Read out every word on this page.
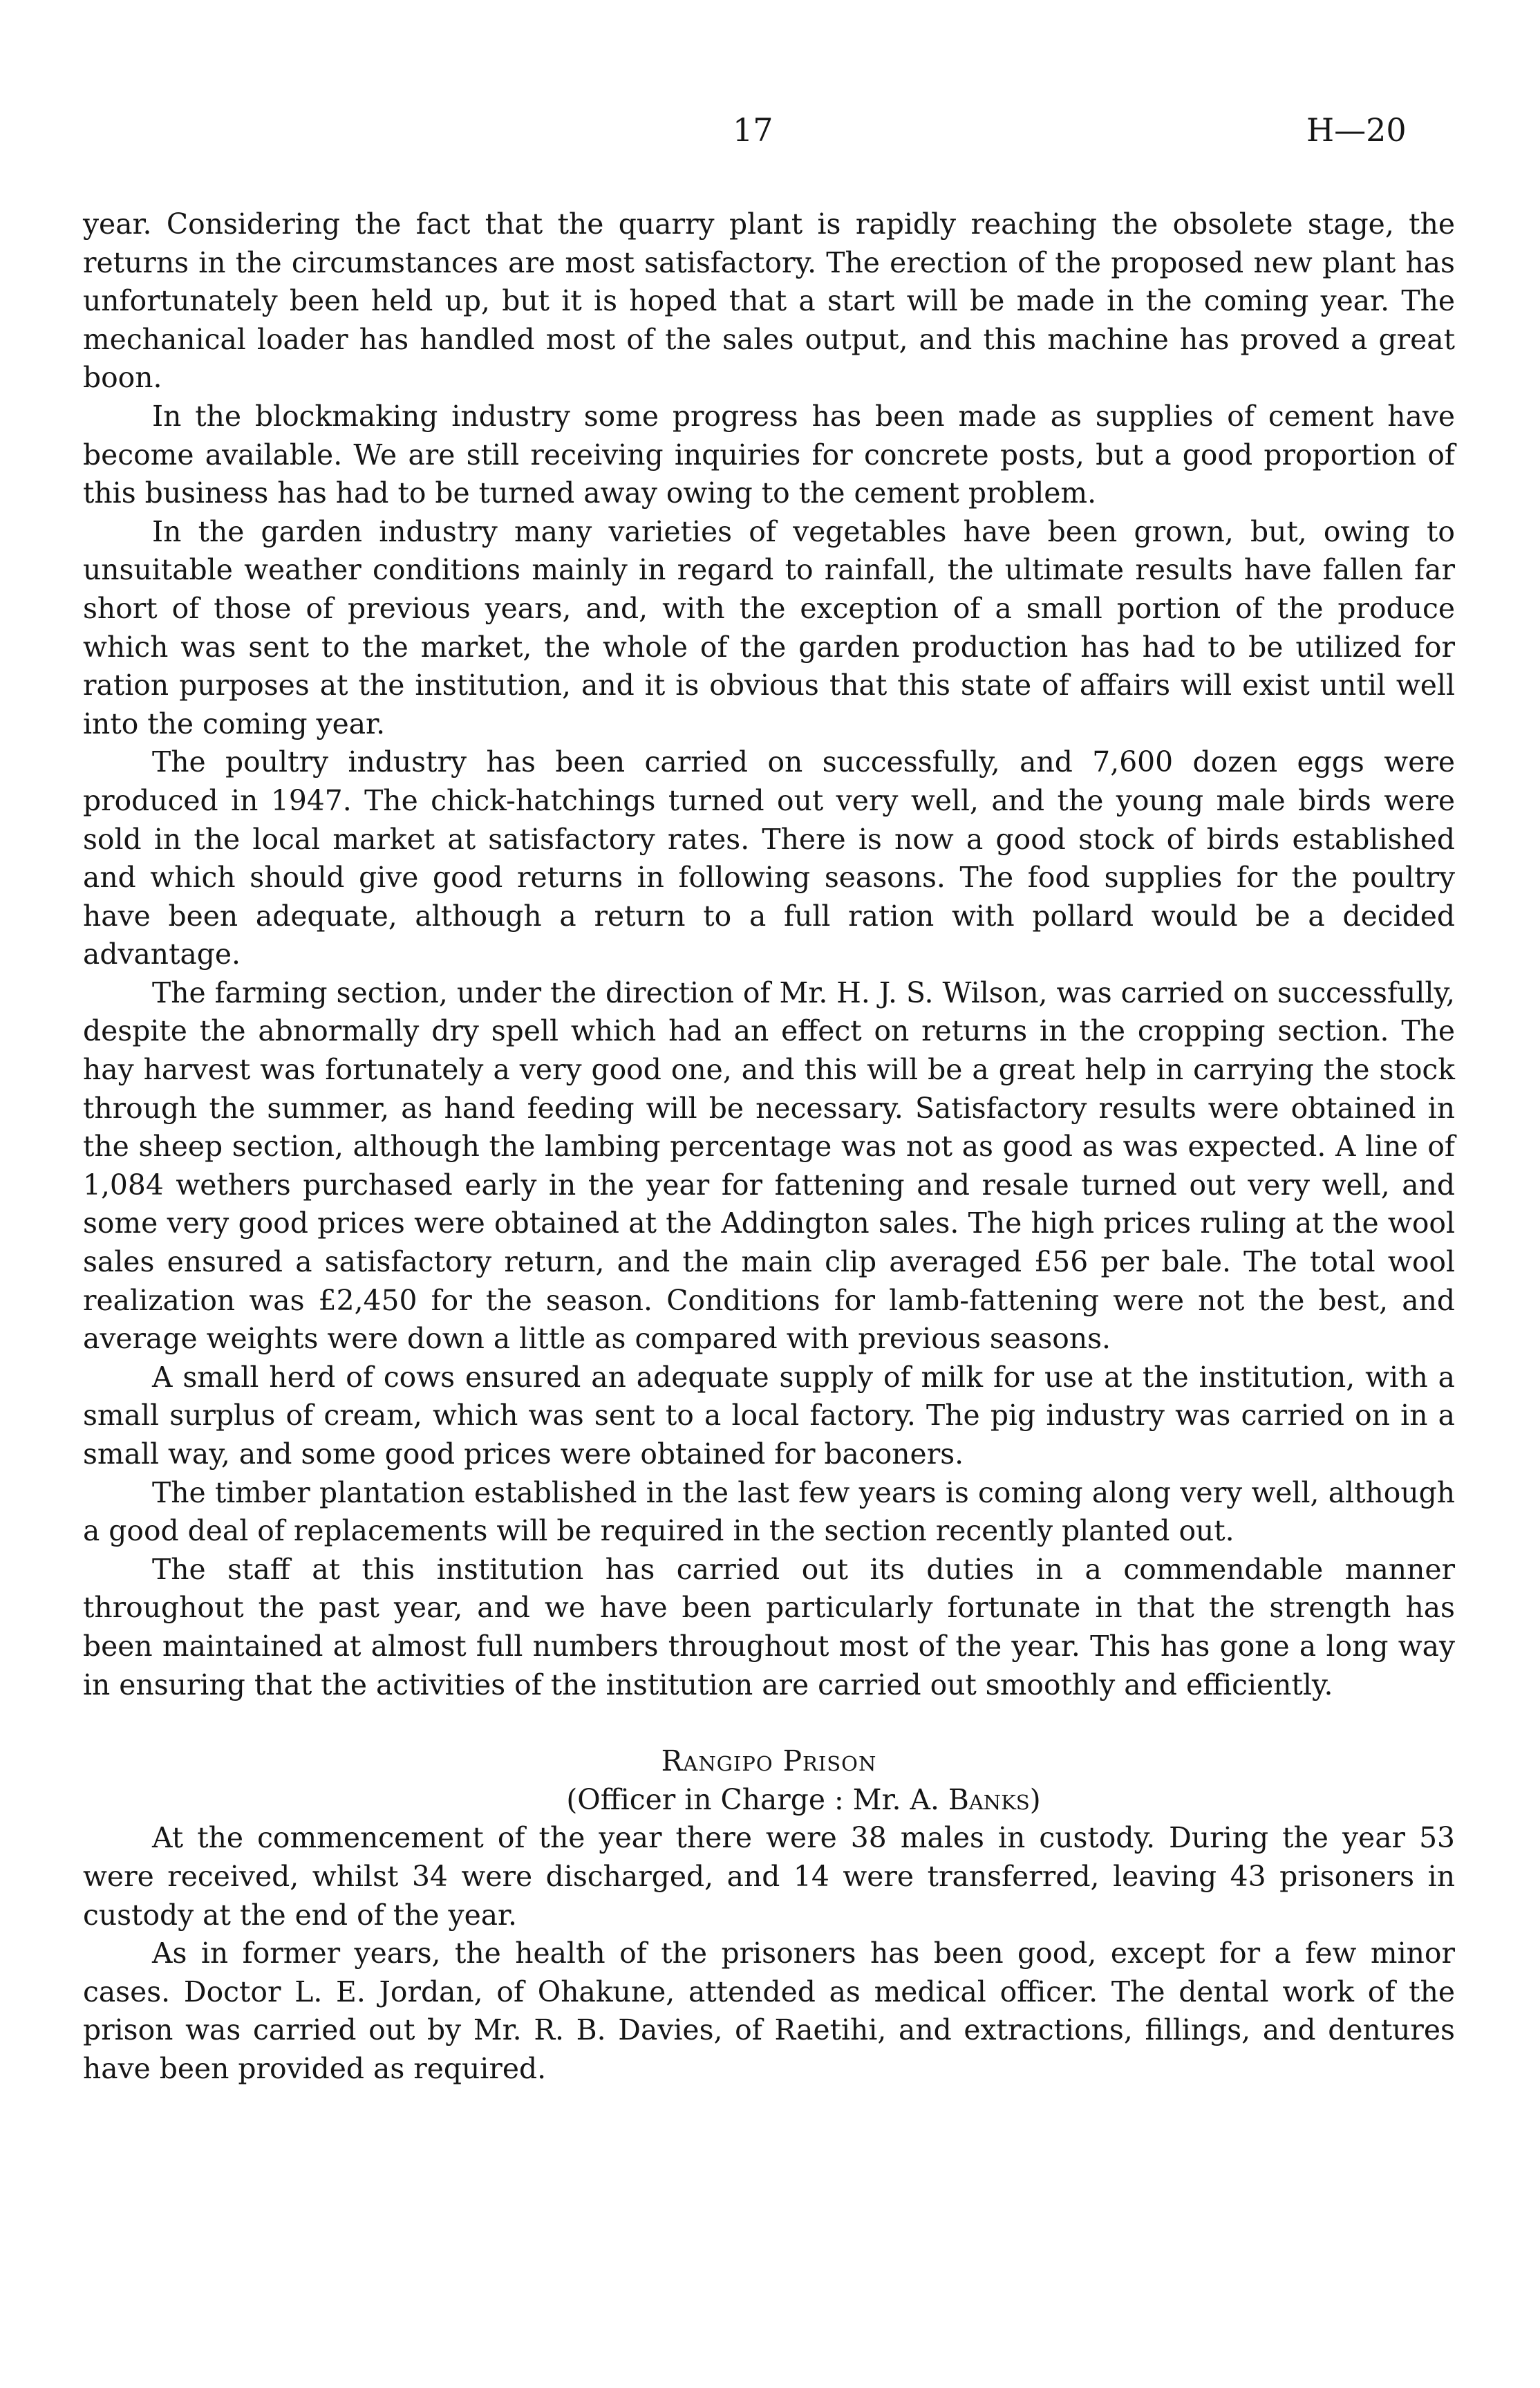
17	H—20

year. Considering the fact that the quarry plant is rapidly reaching the obsolete stage, the returns in the circumstances are most satisfactory. The erection of the proposed new plant has unfortunately been held up, but it is hoped that a start will be made in the coming year. The mechanical loader has handled most of the sales output, and this machine has proved a great boon.

In the blockmaking industry some progress has been made as supplies of cement have become available. We are still receiving inquiries for concrete posts, but a good proportion of this business has had to be turned away owing to the cement problem.

In the garden industry many varieties of vegetables have been grown, but, owing to unsuitable weather conditions mainly in regard to rainfall, the ultimate results have fallen far short of those of previous years, and, with the exception of a small portion of the produce which was sent to the market, the whole of the garden production has had to be utilized for ration purposes at the institution, and it is obvious that this state of affairs will exist until well into the coming year.

The poultry industry has been carried on successfully, and 7,600 dozen eggs were produced in 1947. The chick-hatchings turned out very well, and the young male birds were sold in the local market at satisfactory rates. There is now a good stock of birds established and which should give good returns in following seasons. The food supplies for the poultry have been adequate, although a return to a full ration with pollard would be a decided advantage.

The farming section, under the direction of Mr. H. J. S. Wilson, was carried on successfully, despite the abnormally dry spell which had an effect on returns in the cropping section. The hay harvest was fortunately a very good one, and this will be a great help in carrying the stock through the summer, as hand feeding will be necessary. Satisfactory results were obtained in the sheep section, although the lambing percentage was not as good as was expected. A line of 1,084 wethers purchased early in the year for fattening and resale turned out very well, and some very good prices were obtained at the Addington sales. The high prices ruling at the wool sales ensured a satisfactory return, and the main clip averaged £56 per bale. The total wool realization was £2,450 for the season. Conditions for lamb-fattening were not the best, and average weights were down a little as compared with previous seasons.

A small herd of cows ensured an adequate supply of milk for use at the institution, with a small surplus of cream, which was sent to a local factory. The pig industry was carried on in a small way, and some good prices were obtained for baconers.

The timber plantation established in the last few years is coming along very well, although a good deal of replacements will be required in the section recently planted out.

The staff at this institution has carried out its duties in a commendable manner throughout the past year, and we have been particularly fortunate in that the strength has been maintained at almost full numbers throughout most of the year. This has gone a long way in ensuring that the activities of the institution are carried out smoothly and efficiently.

Rangipo Prison

(Officer in Charge : Mr. A. Banks)

At the commencement of the year there were 38 males in custody. During the year 53 were received, whilst 34 were discharged, and 14 were transferred, leaving 43 prisoners in custody at the end of the year.

As in former years, the health of the prisoners has been good, except for a few minor cases. Doctor L. E. Jordan, of Ohakune, attended as medical officer. The dental work of the prison was carried out by Mr. R. B. Davies, of Raetihi, and extractions, fillings, and dentures have been provided as required.
